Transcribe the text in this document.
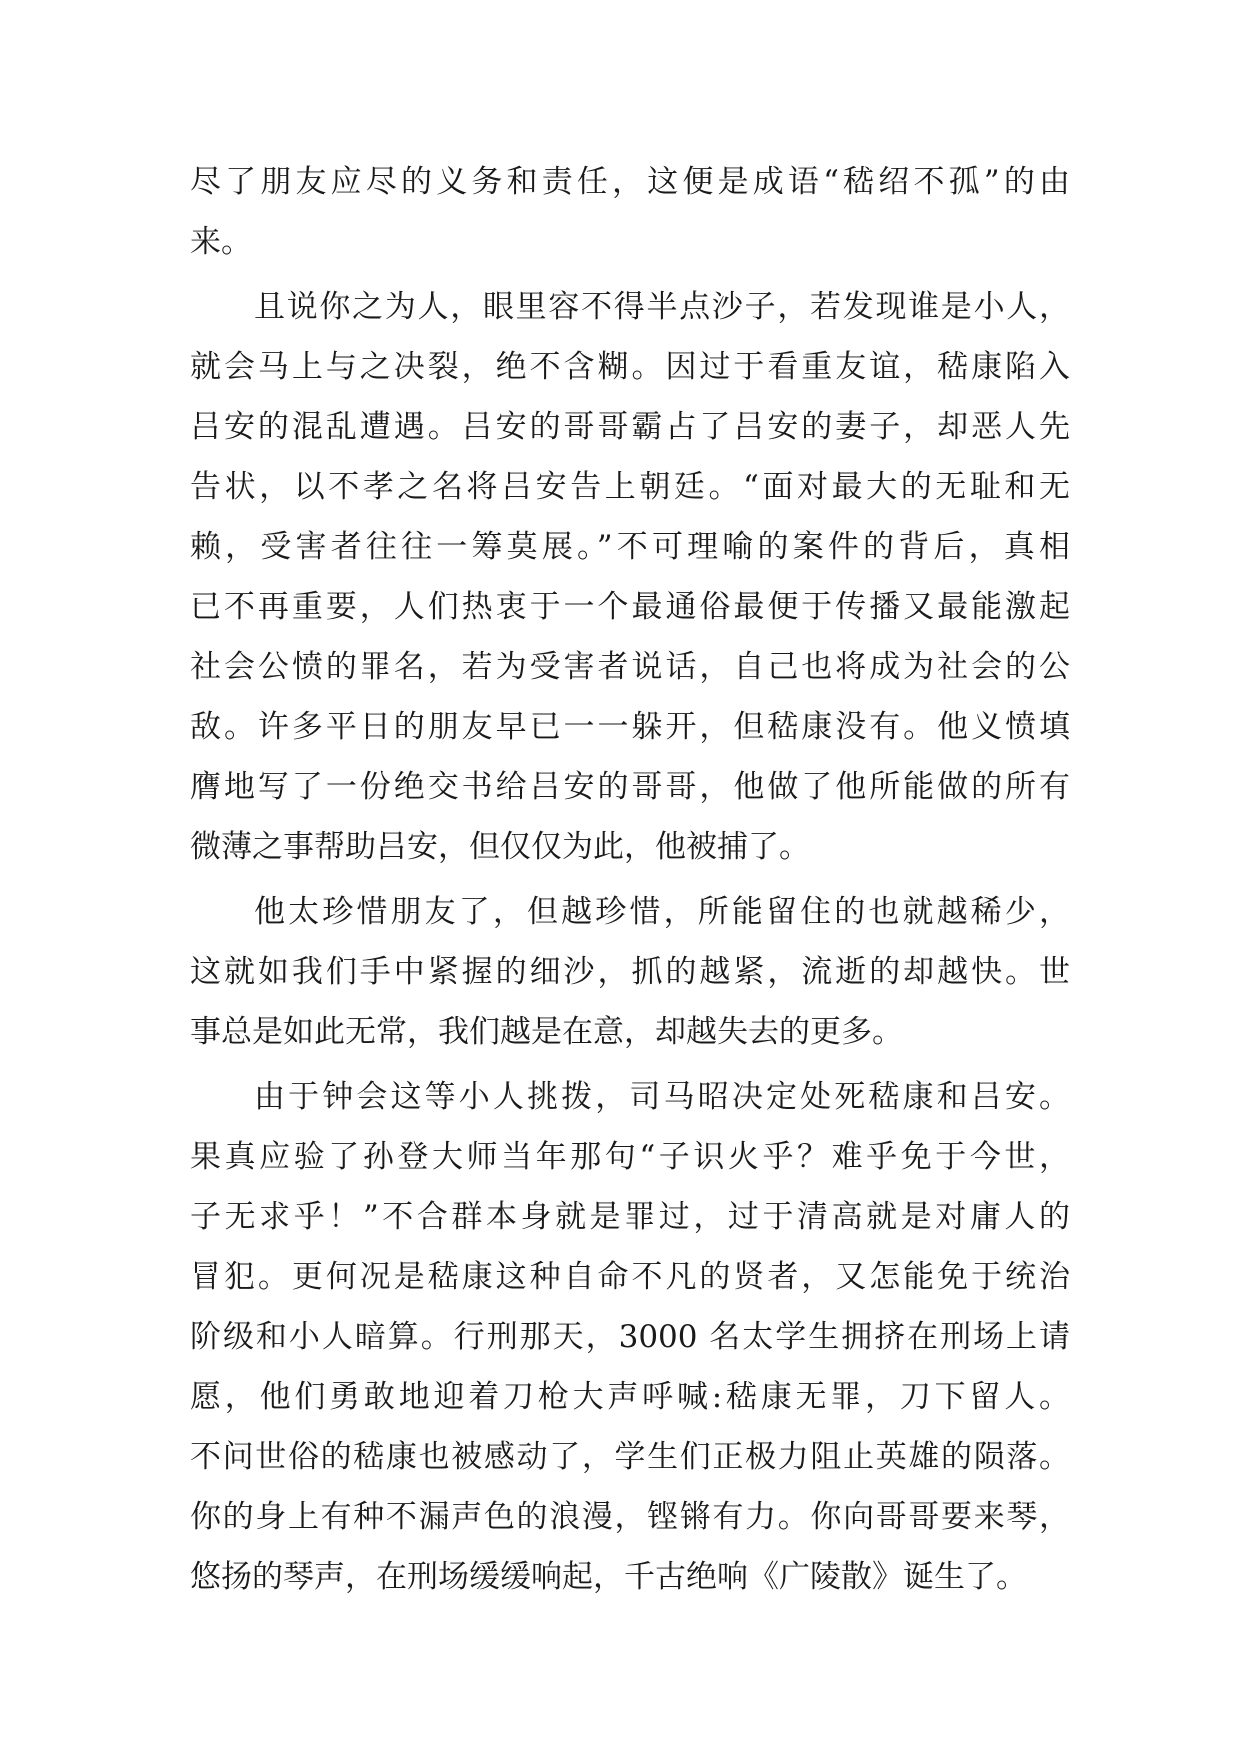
尽了朋友应尽的义务和责任，这便是成语“嵇绍不孤”的由
来。
且说你之为人，眼里容不得半点沙子，若发现谁是小人，
就会马上与之决裂，绝不含糊。因过于看重友谊，嵇康陷入
吕安的混乱遭遇。吕安的哥哥霸占了吕安的妻子，却恶人先
告状，以不孝之名将吕安告上朝廷。“面对最大的无耻和无
赖，受害者往往一筹莫展。”不可理喻的案件的背后，真相
已不再重要，人们热衷于一个最通俗最便于传播又最能激起
社会公愤的罪名，若为受害者说话，自己也将成为社会的公
敌。许多平日的朋友早已一一躲开，但嵇康没有。他义愤填
膺地写了一份绝交书给吕安的哥哥，他做了他所能做的所有
微薄之事帮助吕安，但仅仅为此，他被捕了。
他太珍惜朋友了，但越珍惜，所能留住的也就越稀少，
这就如我们手中紧握的细沙，抓的越紧，流逝的却越快。世
事总是如此无常，我们越是在意，却越失去的更多。
由于钟会这等小人挑拨，司马昭决定处死嵇康和吕安。
果真应验了孙登大师当年那句“子识火乎？难乎免于今世，
子无求乎！”不合群本身就是罪过，过于清高就是对庸人的
冒犯。更何况是嵇康这种自命不凡的贤者，又怎能免于统治
阶级和小人暗算。行刑那天，3000 名太学生拥挤在刑场上请
愿，他们勇敢地迎着刀枪大声呼喊:嵇康无罪，刀下留人。
不问世俗的嵇康也被感动了，学生们正极力阻止英雄的陨落。
你的身上有种不漏声色的浪漫，铿锵有力。你向哥哥要来琴，
悠扬的琴声，在刑场缓缓响起，千古绝响《广陵散》诞生了。
